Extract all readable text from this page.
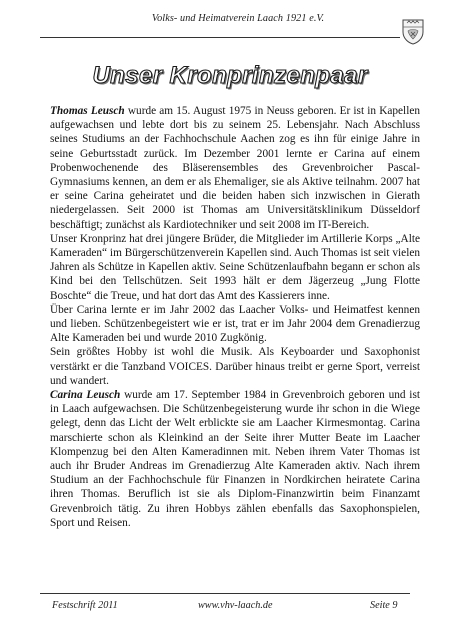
Volks- und Heimatverein Laach 1921 e.V.
Unser Kronprinzenpaar

Thomas Leusch wurde am 15. August 1975 in Neuss geboren. Er ist in Kapellen aufgewachsen und lebte dort bis zu seinem 25. Lebensjahr. Nach Abschluss seines Studiums an der Fachhochschule Aachen zog es ihn für einige Jahre in seine Geburtsstadt zurück. Im Dezember 2001 lernte er Carina auf einem Probenwochenende des Bläserensembles des Grevenbroicher Pascal-Gymnasiums kennen, an dem er als Ehemaliger, sie als Aktive teilnahm. 2007 hat er seine Carina geheiratet und die beiden haben sich inzwischen in Gierath niedergelassen. Seit 2000 ist Thomas am Universitätsklinikum Düsseldorf beschäftigt; zunächst als Kardiotechniker und seit 2008 im IT-Bereich.

Unser Kronprinz hat drei jüngere Brüder, die Mitglieder im Artillerie Korps „Alte Kameraden“ im Bürgerschützenverein Kapellen sind. Auch Thomas ist seit vielen Jahren als Schütze in Kapellen aktiv. Seine Schützenlaufbahn begann er schon als Kind bei den Tellschützen. Seit 1993 hält er dem Jägerzeug „Jung Flotte Boschte“ die Treue, und hat dort das Amt des Kassierers inne.

Über Carina lernte er im Jahr 2002 das Laacher Volks- und Heimatfest kennen und lieben. Schützenbegeistert wie er ist, trat er im Jahr 2004 dem Grenadierzug Alte Kameraden bei und wurde 2010 Zugkönig.

Sein größtes Hobby ist wohl die Musik. Als Keyboarder und Saxophonist verstärkt er die Tanzband VOICES. Darüber hinaus treibt er gerne Sport, verreist und wandert.

Carina Leusch wurde am 17. September 1984 in Grevenbroich geboren und ist in Laach aufgewachsen. Die Schützenbegeisterung wurde ihr schon in die Wiege gelegt, denn das Licht der Welt erblickte sie am Laacher Kirmesmontag. Carina marschierte schon als Kleinkind an der Seite ihrer Mutter Beate im Laacher Klompenzug bei den Alten Kameradinnen mit. Neben ihrem Vater Thomas ist auch ihr Bruder Andreas im Grenadierzug Alte Kameraden aktiv. Nach ihrem Studium an der Fachhochschule für Finanzen in Nordkirchen heiratete Carina ihren Thomas. Beruflich ist sie als Diplom-Finanzwirtin beim Finanzamt Grevenbroich tätig. Zu ihren Hobbys zählen ebenfalls das Saxophonspielen, Sport und Reisen.

Festschrift 2011	www.vhv-laach.de	Seite 9
